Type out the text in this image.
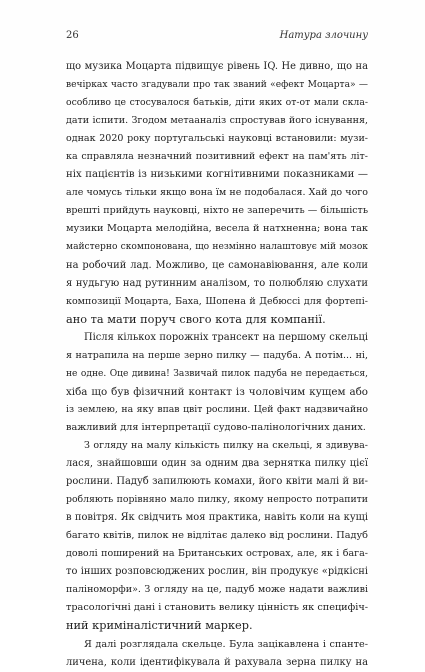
26	Натура злочину
що музика Моцарта підвищує рівень IQ. Не дивно, що на
вечірках часто згадували про так званий «ефект Моцарта» —
особливо це стосувалося батьків, діти яких от-от мали скла-
дати іспити. Згодом метааналіз спростував його існування,
однак 2020 року португальські науковці встановили: музи-
ка справляла незначний позитивний ефект на пам'ять літ-
ніх пацієнтів із низькими когнітивними показниками —
але чомусь тільки якщо вона їм не подобалася. Хай до чого
врешті прийдуть науковці, ніхто не заперечить — більшість
музики Моцарта мелодійна, весела й натхненна; вона так
майстерно скомпонована, що незмінно налаштовує мій мозок
на робочий лад. Можливо, це самонавіювання, але коли
я нудьгую над рутинним аналізом, то полюбляю слухати
композиції Моцарта, Баха, Шопена й Дебюссі для фортепі-
ано та мати поруч свого кота для компанії.
Після кількох порожніх трансект на першому скельці
я натрапила на перше зерно пилку — падуба. А потім... ні,
не одне. Оце дивина! Зазвичай пилок падуба не передається,
хіба що був фізичний контакт із чоловічим кущем або
із землею, на яку впав цвіт рослини. Цей факт надзвичайно
важливий для інтерпретації судово-палінологічних даних.
З огляду на малу кількість пилку на скельці, я здивува-
лася, знайшовши один за одним два зернятка пилку цієї
рослини. Падуб запилюють комахи, його квіти малі й ви-
робляють порівняно мало пилку, якому непросто потрапити
в повітря. Як свідчить моя практика, навіть коли на кущі
багато квітів, пилок не відлітає далеко від рослини. Падуб
доволі поширений на Британських островах, але, як і бага-
то інших розповсюджених рослин, він продукує «рідкісні
паліноморфи». З огляду на це, падуб може надати важливі
трасологічні дані і становить велику цінність як специфіч-
ний криміналістичний маркер.
Я далі розглядала скельце. Була зацікавлена і спанте-
личена, коли ідентифікувала й рахувала зерна пилку на
